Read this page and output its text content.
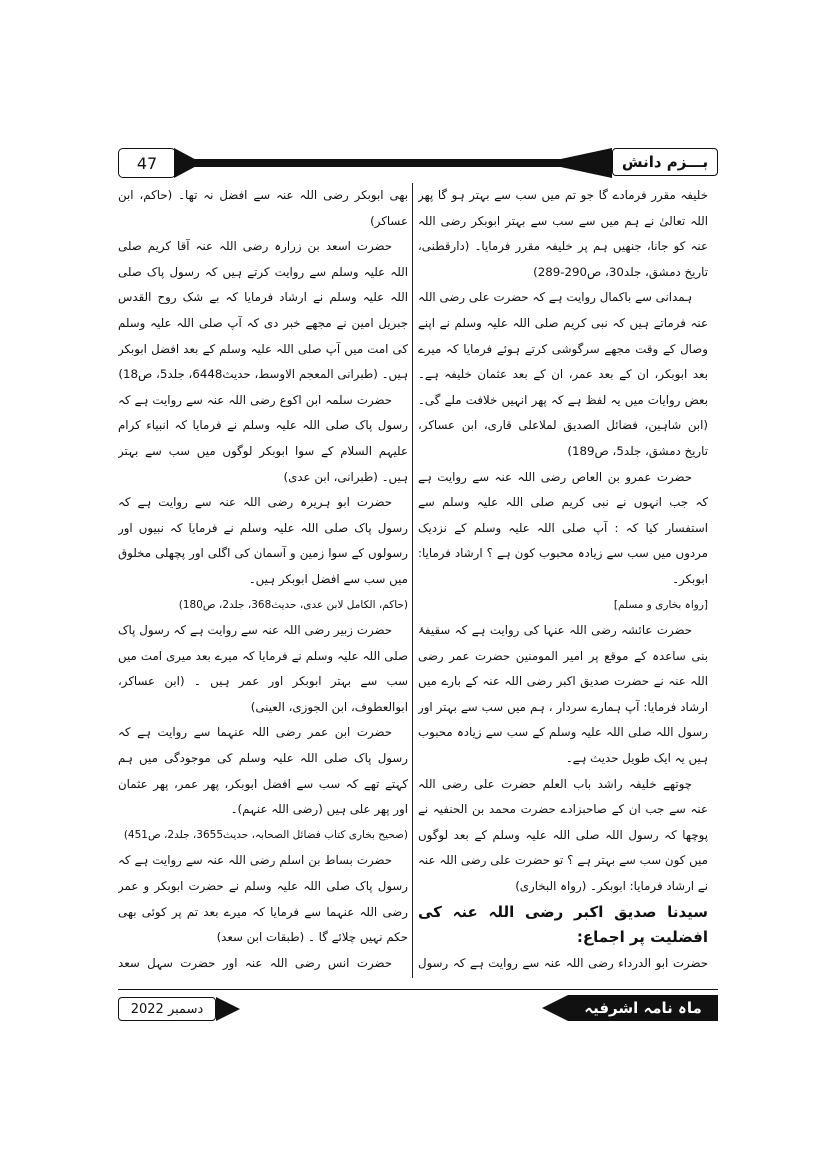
47	بـــزم دانش

خلیفہ مقرر فرمادے گا جو تم میں سب سے بہتر ہو گا پھر اللہ تعالیٰ نے ہم میں سے سب سے بہتر ابوبکر رضی اللہ عنہ کو جانا، جنھیں ہم پر خلیفہ مقرر فرمایا۔ (دارقطنی، تاریخ دمشق، جلد30، ص290-289)

ہمدانی سے باکمال روایت ہے کہ حضرت علی رضی اللہ عنہ فرماتے ہیں کہ نبی کریم صلی اللہ علیہ وسلم نے اپنے وصال کے وقت مجھے سرگوشی کرتے ہوئے فرمایا کہ میرے بعد ابوبکر، ان کے بعد عمر، ان کے بعد عثمان خلیفہ ہے۔ بعض روایات میں یہ لفظ ہے کہ پھر انہیں خلافت ملے گی۔ (ابن شاہین، فضائل الصدیق لملاعلی قاری، ابن عساکر، تاریخ دمشق، جلد5، ص189)

حضرت عمرو بن العاص رضی اللہ عنہ سے روایت ہے کہ جب انہوں نے نبی کریم صلی اللہ علیہ وسلم سے استفسار کیا کہ : آپ صلی اللہ علیہ وسلم کے نزدیک مردوں میں سب سے زیادہ محبوب کون ہے ؟ ارشاد فرمایا: ابوبکر۔

[رواہ بخاری و مسلم]

حضرت عائشہ رضی اللہ عنہا کی روایت ہے کہ سقیفۂ بنی ساعدہ کے موقع پر امیر المومنین حضرت عمر رضی اللہ عنہ نے حضرت صدیق اکبر رضی اللہ عنہ کے بارے میں ارشاد فرمایا: آپ ہمارے سردار ، ہم میں سب سے بہتر اور رسول اللہ صلی اللہ علیہ وسلم کے سب سے زیادہ محبوب ہیں یہ ایک طویل حدیث ہے۔

چوتھے خلیفہ راشد باب العلم حضرت علی رضی اللہ عنہ سے جب ان کے صاحبزادے حضرت محمد بن الحنفیہ نے پوچھا کہ رسول اللہ صلی اللہ علیہ وسلم کے بعد لوگوں میں کون سب سے بہتر ہے ؟ تو حضرت علی رضی اللہ عنہ نے ارشاد فرمایا: ابوبکر۔ (رواہ البخاری)

سیدنا صدیق اکبر رضی اللہ عنہ کی افضلیت پر اجماع:

حضرت ابو الدرداء رضی اللہ عنہ سے روایت ہے کہ رسول

بھی ابوبکر رضی اللہ عنہ سے افضل نہ تھا۔ (حاکم، ابن عساکر)

حضرت اسعد بن زرارہ رضی اللہ عنہ آقا کریم صلی اللہ علیہ وسلم سے روایت کرتے ہیں کہ رسول پاک صلی اللہ علیہ وسلم نے ارشاد فرمایا کہ بے شک روح القدس جبریل امین نے مجھے خبر دی کہ آپ صلی اللہ علیہ وسلم کی امت میں آپ صلی اللہ علیہ وسلم کے بعد افضل ابوبکر ہیں۔ (طبرانی المعجم الاوسط، حدیث6448، جلد5، ص18)

حضرت سلمہ ابن اکوع رضی اللہ عنہ سے روایت ہے کہ رسول پاک صلی اللہ علیہ وسلم نے فرمایا کہ انبیاء کرام علیہم السلام کے سوا ابوبکر لوگوں میں سب سے بہتر ہیں۔ (طبرانی، ابن عدی)

حضرت ابو ہریرہ رضی اللہ عنہ سے روایت ہے کہ رسول پاک صلی اللہ علیہ وسلم نے فرمایا کہ نبیوں اور رسولوں کے سوا زمین و آسمان کی اگلی اور پچھلی مخلوق میں سب سے افضل ابوبکر ہیں۔

(حاکم، الکامل لابن عدی، حدیث368، جلد2، ص180)

حضرت زبیر رضی اللہ عنہ سے روایت ہے کہ رسول پاک صلی اللہ علیہ وسلم نے فرمایا کہ میرے بعد میری امت میں سب سے بہتر ابوبکر اور عمر ہیں ۔ (ابن عساکر، ابوالعطوف، ابن الجوزی، العینی)

حضرت ابن عمر رضی اللہ عنہما سے روایت ہے کہ رسول پاک صلی اللہ علیہ وسلم کی موجودگی میں ہم کہتے تھے کہ سب سے افضل ابوبکر، پھر عمر، پھر عثمان اور پھر علی ہیں (رضی اللہ عنہم)۔

(صحیح بخاری کتاب فضائل الصحابہ، حدیث3655، جلد2، ص451)

حضرت بساط بن اسلم رضی اللہ عنہ سے روایت ہے کہ رسول پاک صلی اللہ علیہ وسلم نے حضرت ابوبکر و عمر رضی اللہ عنہما سے فرمایا کہ میرے بعد تم پر کوئی بھی حکم نہیں چلائے گا ۔ (طبقات ابن سعد)

حضرت انس رضی اللہ عنہ اور حضرت سہل سعد

دسمبر 2022	ماہ نامہ اشرفیہ
